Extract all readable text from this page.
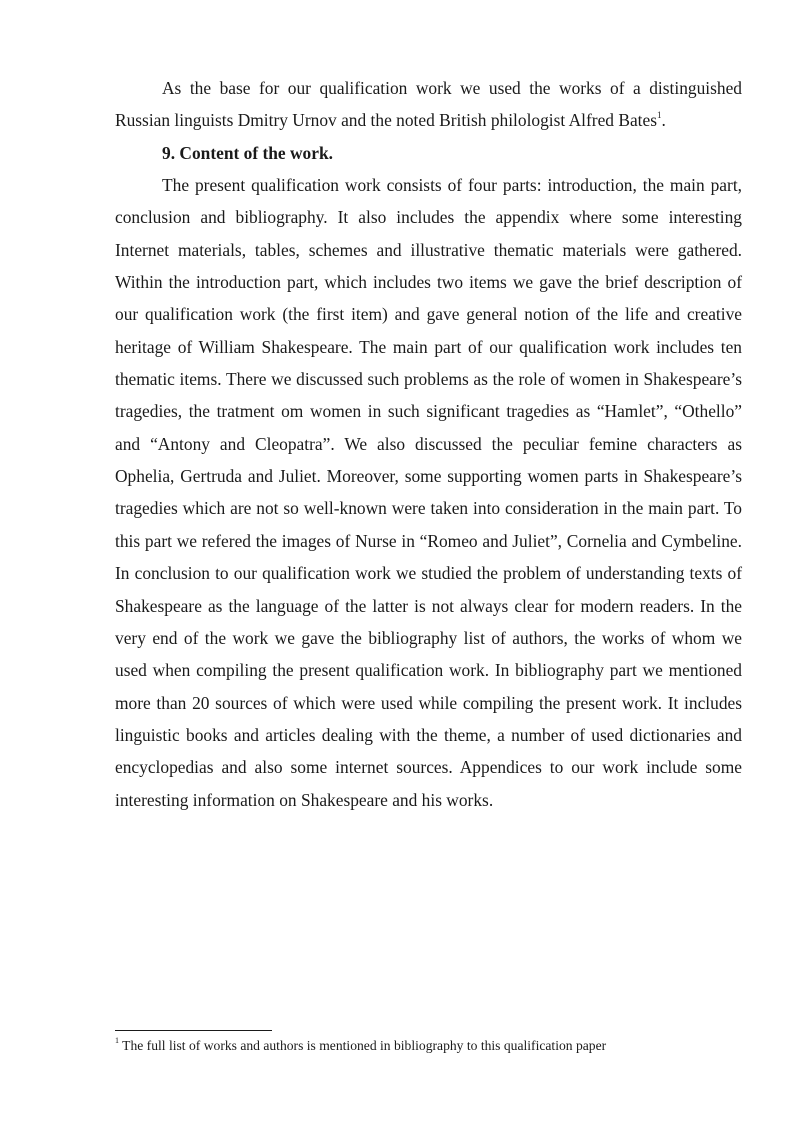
As the base for our qualification work we used the works of a distinguished Russian linguists Dmitry Urnov and the noted British philologist Alfred Bates$^1$.

9. Content of the work.

The present qualification work consists of four parts: introduction, the main part, conclusion and bibliography. It also includes the appendix where some interesting Internet materials, tables, schemes and illustrative thematic materials were gathered. Within the introduction part, which includes two items we gave the brief description of our qualification work (the first item) and gave general notion of the life and creative heritage of William Shakespeare. The main part of our qualification work includes ten thematic items. There we discussed such problems as the role of women in Shakespeare’s tragedies, the tratment om women in such significant tragedies as “Hamlet”, “Othello” and “Antony and Cleopatra”. We also discussed the peculiar femine characters as Ophelia, Gertruda and Juliet. Moreover, some supporting women parts in Shakespeare’s tragedies which are not so well-known were taken into consideration in the main part. To this part we refered the images of Nurse in “Romeo and Juliet”, Cornelia and Cymbeline. In conclusion to our qualification work we studied the problem of understanding texts of Shakespeare as the language of the latter is not always clear for modern readers. In the very end of the work we gave the bibliography list of authors, the works of whom we used when compiling the present qualification work. In bibliography part we mentioned more than 20 sources of which were used while compiling the present work. It includes linguistic books and articles dealing with the theme, a number of used dictionaries and encyclopedias and also some internet sources. Appendices to our work include some interesting information on Shakespeare and his works.

$^1$ The full list of works and authors is mentioned in bibliography to this qualification paper
